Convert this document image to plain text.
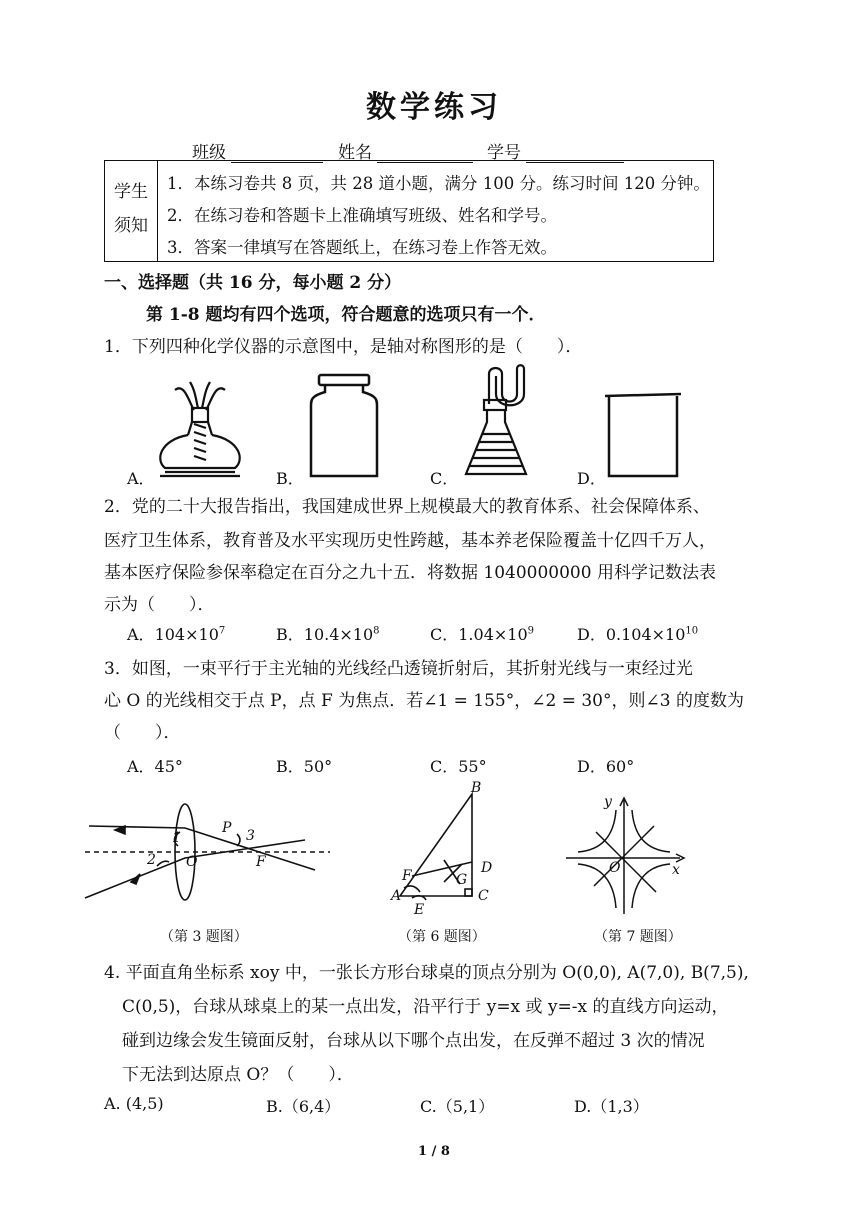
数学练习
班级	姓名	学号
学生
须知
1．本练习卷共 8 页，共 28 道小题，满分 100 分。练习时间 120 分钟。
2．在练习卷和答题卡上准确填写班级、姓名和学号。
3．答案一律填写在答题纸上，在练习卷上作答无效。
一、选择题（共 16 分，每小题 2 分）
第 1-8 题均有四个选项，符合题意的选项只有一个．
1．下列四种化学仪器的示意图中，是轴对称图形的是（　　）．
A．	B．	C．	D．
2．党的二十大报告指出，我国建成世界上规模最大的教育体系、社会保障体系、
医疗卫生体系，教育普及水平实现历史性跨越，基本养老保险覆盖十亿四千万人，
基本医疗保险参保率稳定在百分之九十五．将数据 1040000000 用科学记数法表
示为（　　）．
A．$104\times 10^7$	B．$10.4\times 10^8$	C．$1.04\times 10^9$	D．$0.104\times 10^{10}$
3．如图，一束平行于主光轴的光线经凸透镜折射后，其折射光线与一束经过光
心 O 的光线相交于点 P，点 F 为焦点．若∠1 = 155°，∠2 = 30°，则∠3 的度数为
（　　）．
A．45°	B．50°	C．55°	D．60°
1
2
3
P
O	F
（第 3 题图）
B
A	C
D
E
F	G
（第 6 题图）
y
x
O
（第 7 题图）
4. 平面直角坐标系 xoy 中，一张长方形台球桌的顶点分别为 O(0,0), A(7,0), B(7,5),
C(0,5)，台球从球桌上的某一点出发，沿平行于 y=x 或 y=-x 的直线方向运动，
碰到边缘会发生镜面反射，台球从以下哪个点出发，在反弹不超过 3 次的情况
下无法到达原点 O？（　　）．
A. (4,5)	B.（6,4）	C.（5,1）	D.（1,3）
1 / 8
